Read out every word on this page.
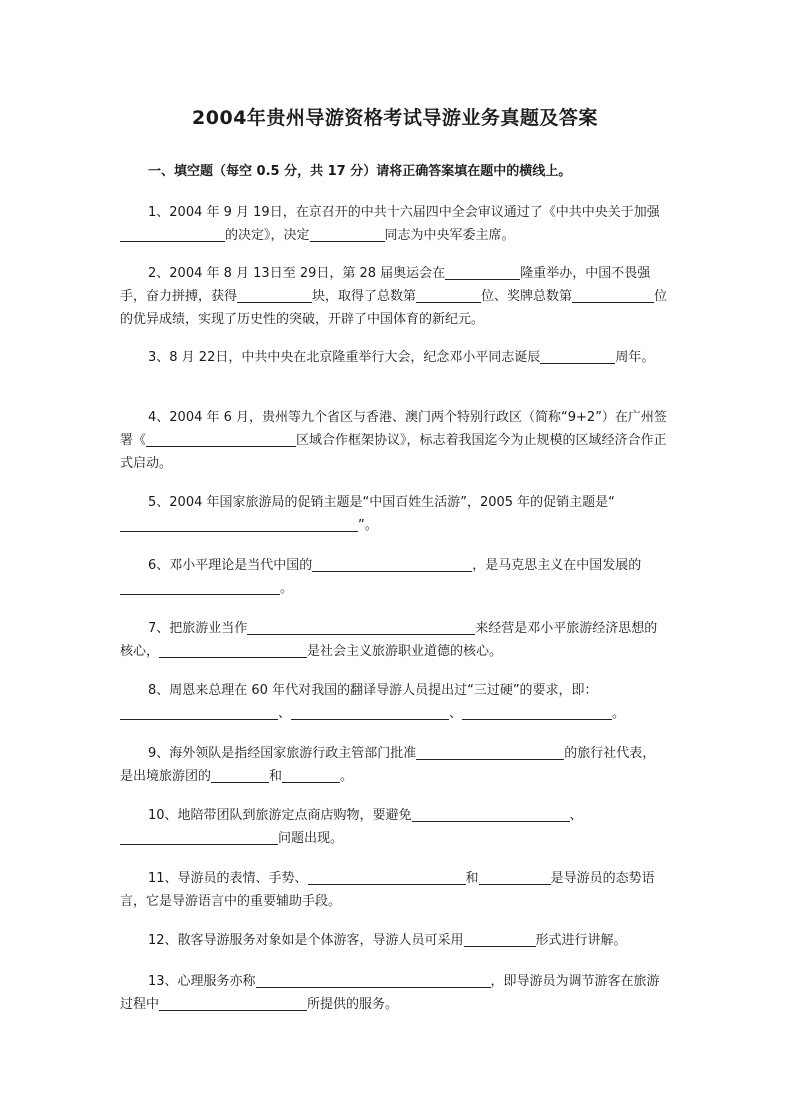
2004年贵州导游资格考试导游业务真题及答案

一、填空题（每空 0.5 分，共 17 分）请将正确答案填在题中的横线上。

1、2004 年 9 月 19日，在京召开的中共十六届四中全会审议通过了《中共中央关于加强的决定》，决定	同志为中央军委主席。

2、2004 年 8 月 13日至 29日，第 28 届奥运会在	隆重举办，中国不畏强手，奋力拼搏，获得	块，取得了总数第	位、奖牌总数第	位的优异成绩，实现了历史性的突破，开辟了中国体育的新纪元。

3、8 月 22日，中共中央在北京隆重举行大会，纪念邓小平同志诞辰	周年。

4、2004 年 6 月，贵州等九个省区与香港、澳门两个特别行政区（简称“9+2”）在广州签署《	区域合作框架协议》，标志着我国迄今为止规模的区域经济合作正式启动。

5、2004 年国家旅游局的促销主题是“中国百姓生活游”，2005 年的促销主题是“”。

6、邓小平理论是当代中国的	，是马克思主义在中国发展的。

7、把旅游业当作	来经营是邓小平旅游经济思想的核心，	是社会主义旅游职业道德的核心。

8、周恩来总理在 60 年代对我国的翻译导游人员提出过“三过硬”的要求，即：、	、	。

9、海外领队是指经国家旅游行政主管部门批准	的旅行社代表，是出境旅游团的	和	。

10、地陪带团队到旅游定点商店购物，要避免	、问题出现。

11、导游员的表情、手势、	和	是导游员的态势语言，它是导游语言中的重要辅助手段。

12、散客导游服务对象如是个体游客，导游人员可采用	形式进行讲解。

13、心理服务亦称	，即导游员为调节游客在旅游过程中	所提供的服务。
